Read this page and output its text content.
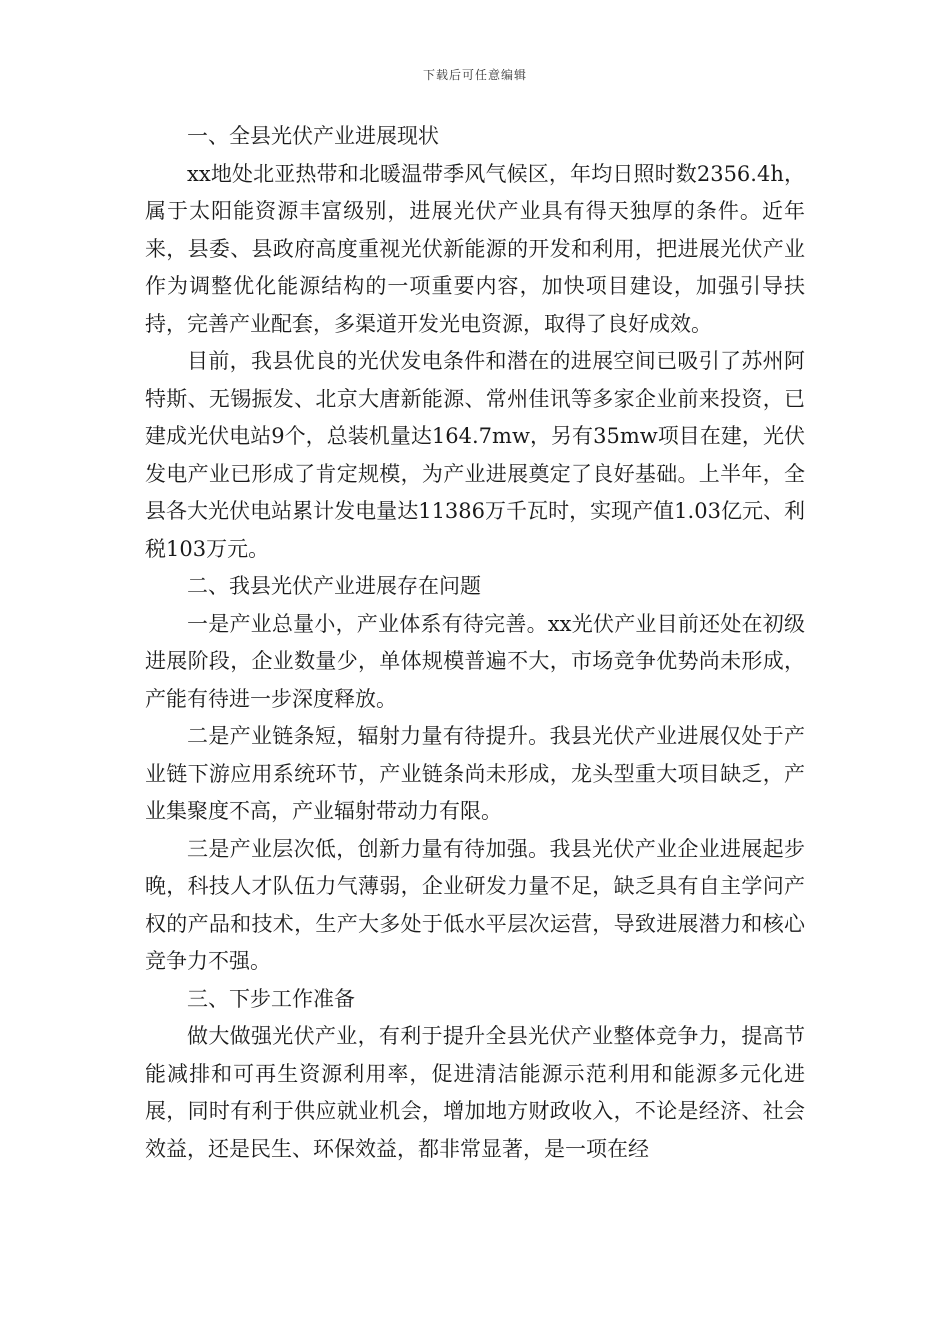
下载后可任意编辑

一、全县光伏产业进展现状

xx地处北亚热带和北暖温带季风气候区，年均日照时数2356.4h，属于太阳能资源丰富级别，进展光伏产业具有得天独厚的条件。近年来，县委、县政府高度重视光伏新能源的开发和利用，把进展光伏产业作为调整优化能源结构的一项重要内容，加快项目建设，加强引导扶持，完善产业配套，多渠道开发光电资源，取得了良好成效。

目前，我县优良的光伏发电条件和潜在的进展空间已吸引了苏州阿特斯、无锡振发、北京大唐新能源、常州佳讯等多家企业前来投资，已建成光伏电站9个，总装机量达164.7mw，另有35mw项目在建，光伏发电产业已形成了肯定规模，为产业进展奠定了良好基础。上半年，全县各大光伏电站累计发电量达11386万千瓦时，实现产值1.03亿元、利税103万元。

二、我县光伏产业进展存在问题

一是产业总量小，产业体系有待完善。xx光伏产业目前还处在初级进展阶段，企业数量少，单体规模普遍不大，市场竞争优势尚未形成，产能有待进一步深度释放。

二是产业链条短，辐射力量有待提升。我县光伏产业进展仅处于产业链下游应用系统环节，产业链条尚未形成，龙头型重大项目缺乏，产业集聚度不高，产业辐射带动力有限。

三是产业层次低，创新力量有待加强。我县光伏产业企业进展起步晚，科技人才队伍力气薄弱，企业研发力量不足，缺乏具有自主学问产权的产品和技术，生产大多处于低水平层次运营，导致进展潜力和核心竞争力不强。

三、下步工作准备

做大做强光伏产业，有利于提升全县光伏产业整体竞争力，提高节能减排和可再生资源利用率，促进清洁能源示范利用和能源多元化进展，同时有利于供应就业机会，增加地方财政收入，不论是经济、社会效益，还是民生、环保效益，都非常显著，是一项在经
